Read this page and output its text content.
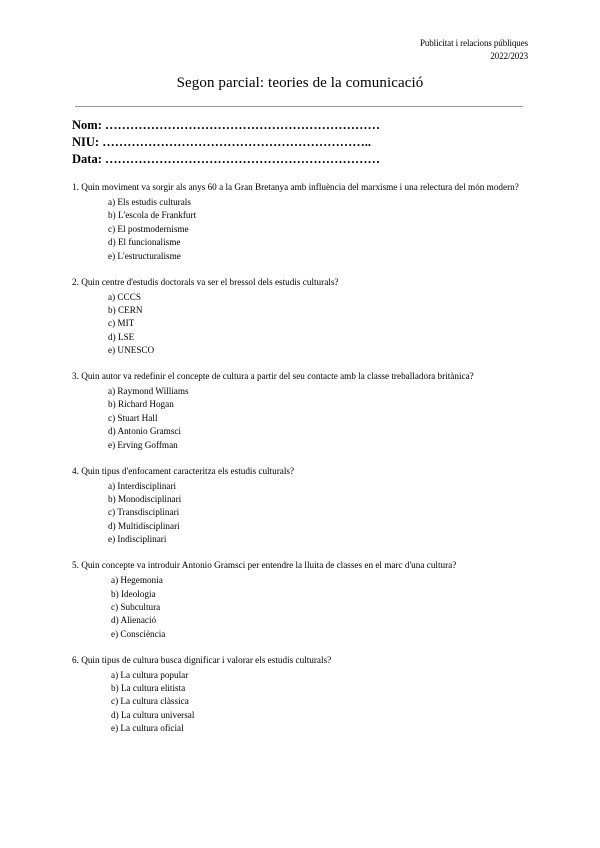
Publicitat i relacions públiques
2022/2023
Segon parcial: teories de la comunicació
Nom: …………………………………………………………
NIU: ………………………………………………………..
Data: …………………………………………………………
1. Quin moviment va sorgir als anys 60 a la Gran Bretanya amb influència del marxisme i una relectura del món modern?
a) Els estudis culturals
b) L'escola de Frankfurt
c) El postmodernisme
d) El funcionalisme
e) L'estructuralisme
2. Quin centre d'estudis doctorals va ser el bressol dels estudis culturals?
a) CCCS
b) CERN
c) MIT
d) LSE
e) UNESCO
3. Quin autor va redefinir el concepte de cultura a partir del seu contacte amb la classe treballadora britànica?
a) Raymond Williams
b) Richard Hogan
c) Stuart Hall
d) Antonio Gramsci
e) Erving Goffman
4. Quin tipus d'enfocament caracteritza els estudis culturals?
a) Interdisciplinari
b) Monodisciplinari
c) Transdisciplinari
d) Multidisciplinari
e) Indisciplinari
5. Quin concepte va introduir Antonio Gramsci per entendre la lluita de classes en el marc d'una cultura?
a) Hegemonia
b) Ideologia
c) Subcultura
d) Alienació
e) Consciència
6. Quin tipus de cultura busca dignificar i valorar els estudis culturals?
a) La cultura popular
b) La cultura elitista
c) La cultura clàssica
d) La cultura universal
e) La cultura oficial
